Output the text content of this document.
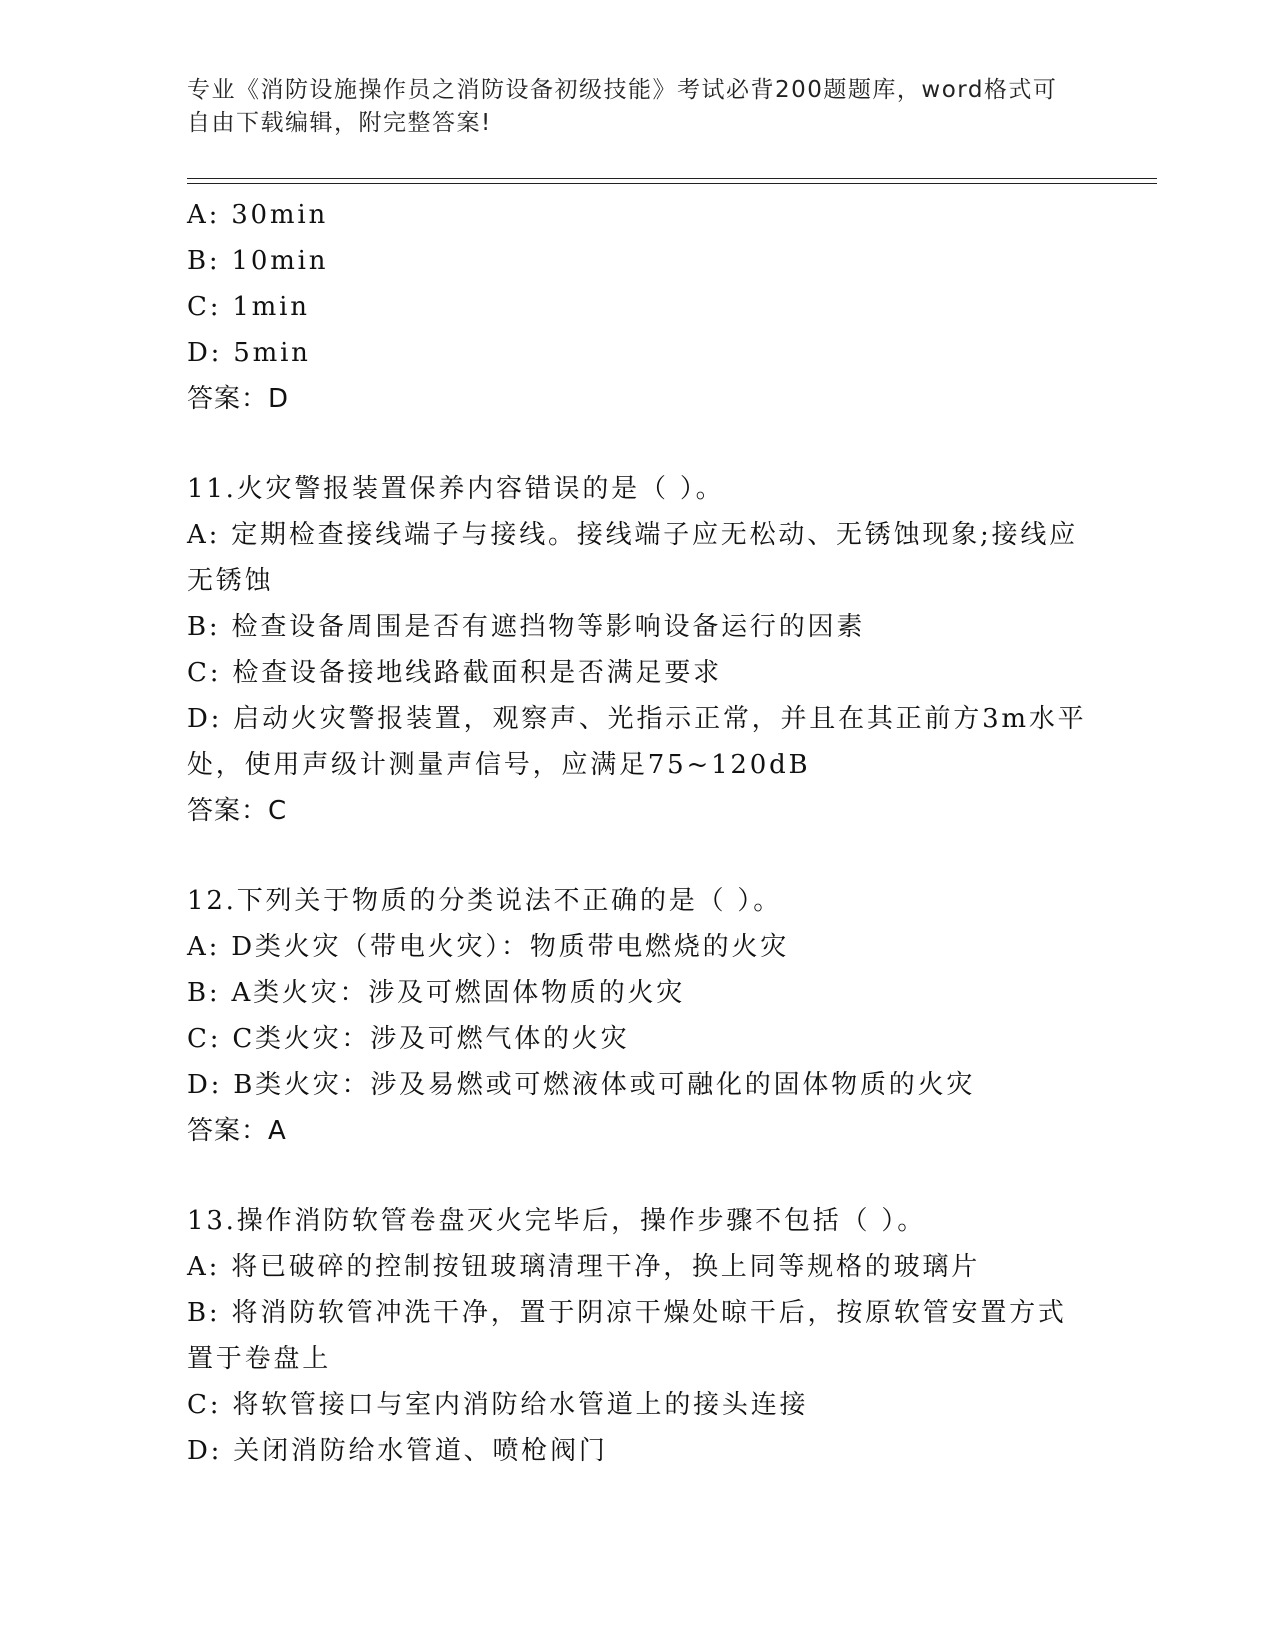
专业《消防设施操作员之消防设备初级技能》考试必背200题题库，word格式可自由下载编辑，附完整答案!
A: 30min
B: 10min
C: 1min
D: 5min
答案：D
11.火灾警报装置保养内容错误的是（ ）。
A: 定期检查接线端子与接线。接线端子应无松动、无锈蚀现象;接线应无锈蚀
B: 检查设备周围是否有遮挡物等影响设备运行的因素
C: 检查设备接地线路截面积是否满足要求
D: 启动火灾警报装置，观察声、光指示正常，并且在其正前方3m水平处，使用声级计测量声信号，应满足75~120dB
答案：C
12.下列关于物质的分类说法不正确的是（ ）。
A: D类火灾（带电火灾）：物质带电燃烧的火灾
B: A类火灾：涉及可燃固体物质的火灾
C: C类火灾：涉及可燃气体的火灾
D: B类火灾：涉及易燃或可燃液体或可融化的固体物质的火灾
答案：A
13.操作消防软管卷盘灭火完毕后，操作步骤不包括（ ）。
A: 将已破碎的控制按钮玻璃清理干净，换上同等规格的玻璃片
B: 将消防软管冲洗干净，置于阴凉干燥处晾干后，按原软管安置方式置于卷盘上
C: 将软管接口与室内消防给水管道上的接头连接
D: 关闭消防给水管道、喷枪阀门
